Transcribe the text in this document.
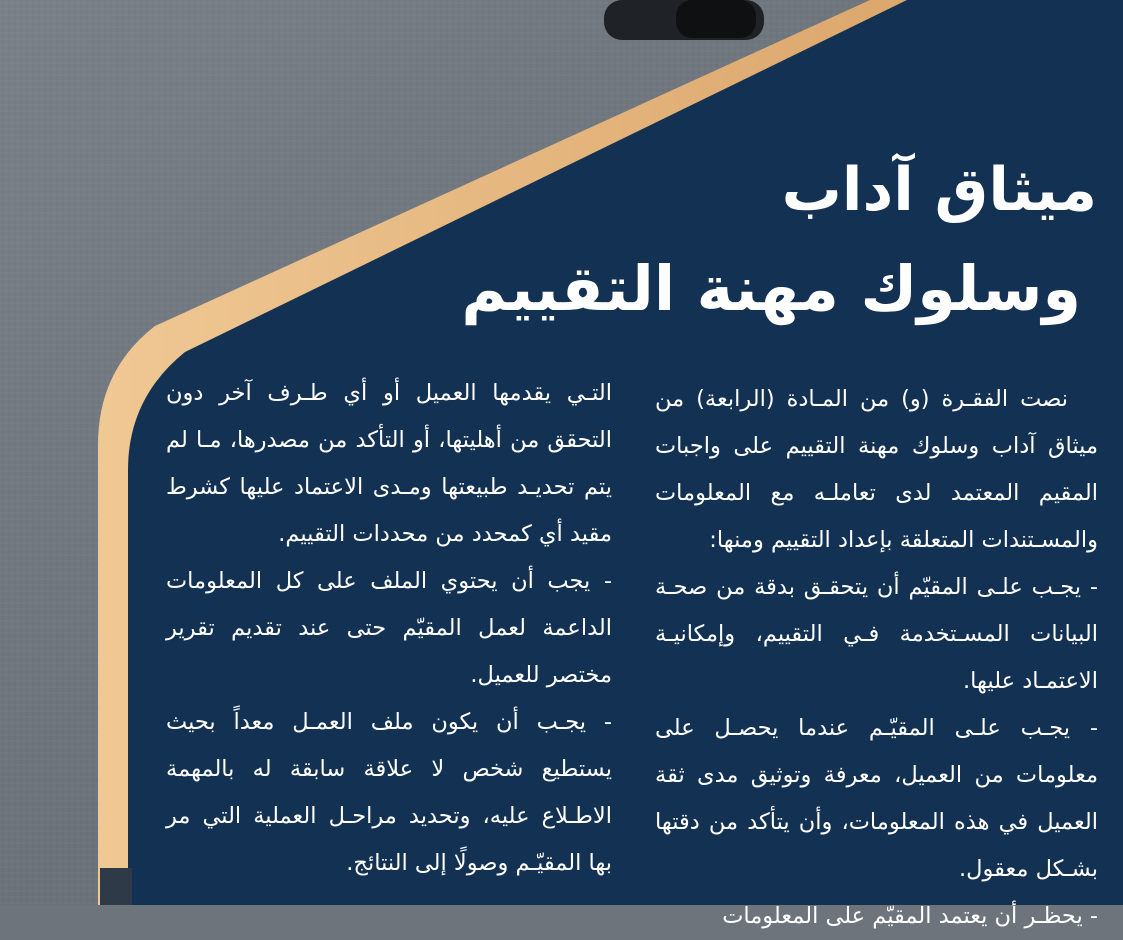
ميثاق آداب
وسلوك مهنة التقييم

نصت الفقـرة (و) من المـادة (الرابعة) من ميثاق آداب وسلوك مهنة التقييم على واجبات المقيم المعتمد لدى تعاملـه مع المعلومات والمسـتندات المتعلقة بإعداد التقييم ومنها:

- يجـب علـى المقيّم أن يتحقـق بدقة من صحـة البيانات المسـتخدمة فـي التقييم، وإمكانيـة الاعتمـاد عليها.

- يجـب علـى المقيّـم عندما يحصـل على معلومات من العميل، معرفة وتوثيق مدى ثقة العميل في هذه المعلومات، وأن يتأكد من دقتها بشـكل معقول.

- يحظـر أن يعتمد المقيّم على المعلومات

التـي يقدمها العميل أو أي طـرف آخر دون التحقق من أهليتها، أو التأكد من مصدرها، مـا لم يتم تحديـد طبيعتها ومـدى الاعتماد عليها كشرط مقيد أي كمحدد من محددات التقييم.

- يجب أن يحتوي الملف على كل المعلومات الداعمة لعمل المقيّم حتى عند تقديم تقرير مختصر للعميل.

- يجـب أن يكون ملف العمـل معداً بحيث يستطيع شخص لا علاقة سابقة له بالمهمة الاطـلاع عليه، وتحديد مراحـل العملية التي مر بها المقيّـم وصولًا إلى النتائج.
